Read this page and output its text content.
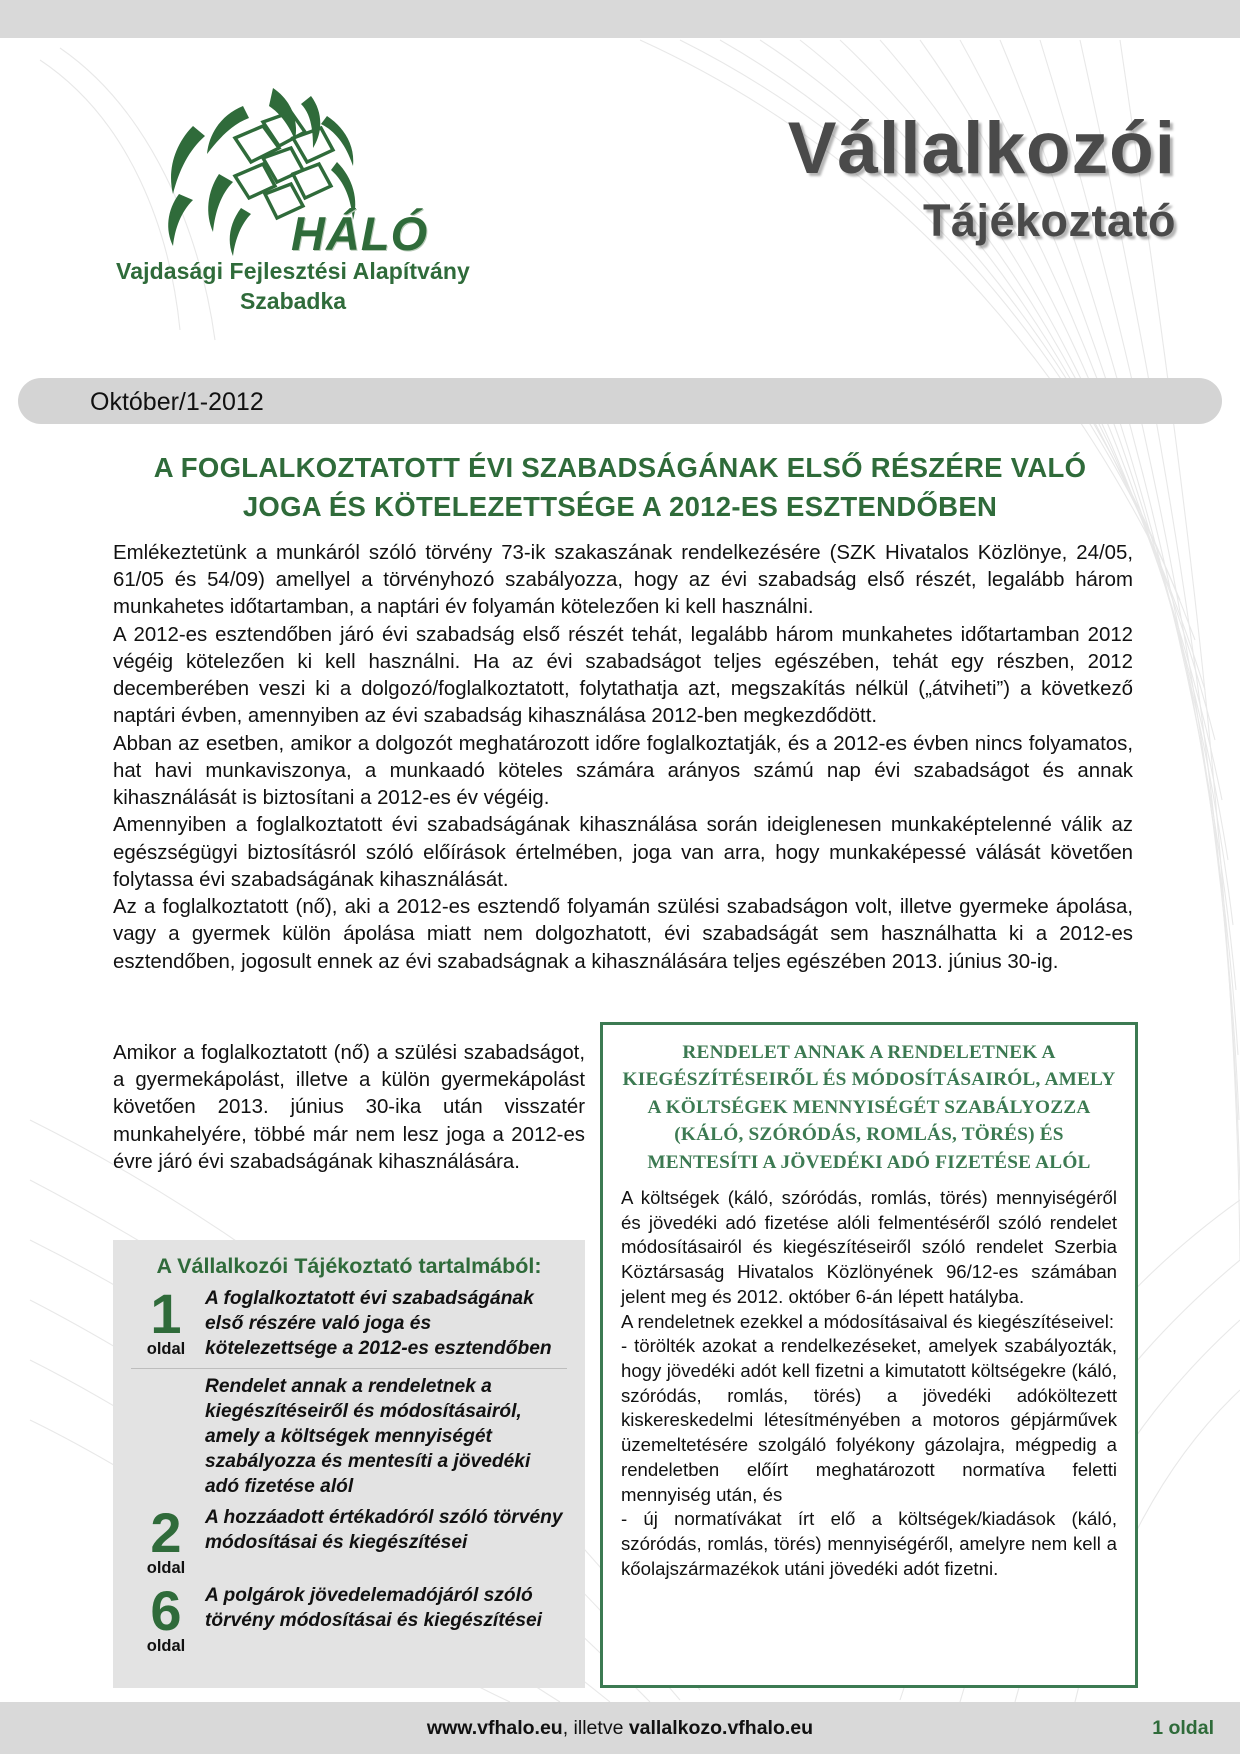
HÁLÓ
Vajdasági Fejlesztési Alapítvány
Szabadka
Vállalkozói
Tájékoztató
Október/1-2012
A FOGLALKOZTATOTT ÉVI SZABADSÁGÁNAK ELSŐ RÉSZÉRE VALÓ
JOGA ÉS KÖTELEZETTSÉGE A 2012-ES ESZTENDŐBEN

Emlékeztetünk a munkáról szóló törvény 73-ik szakaszának rendelkezésére (SZK Hivatalos Közlönye, 24/05, 61/05 és 54/09) amellyel a törvényhozó szabályozza, hogy az évi szabadság első részét, legalább három munkahetes időtartamban, a naptári év folyamán kötelezően ki kell használni.

A 2012-es esztendőben járó évi szabadság első részét tehát, legalább három munkahetes időtartamban 2012 végéig kötelezően ki kell használni. Ha az évi szabadságot teljes egészében, tehát egy részben, 2012 decemberében veszi ki a dolgozó/foglalkoztatott, folytathatja azt, megszakítás nélkül („átviheti”) a következő naptári évben, amennyiben az évi szabadság kihasználása 2012-ben megkezdődött.

Abban az esetben, amikor a dolgozót meghatározott időre foglalkoztatják, és a 2012-es évben nincs folyamatos, hat havi munkaviszonya, a munkaadó köteles számára arányos számú nap évi szabadságot és annak kihasználását is biztosítani a 2012-es év végéig.

Amennyiben a foglalkoztatott évi szabadságának kihasználása során ideiglenesen munkaképtelenné válik az egészségügyi biztosításról szóló előírások értelmében, joga van arra, hogy munkaképessé válását követően folytassa évi szabadságának kihasználását.

Az a foglalkoztatott (nő), aki a 2012-es esztendő folyamán szülési szabadságon volt, illetve gyermeke ápolása, vagy a gyermek külön ápolása miatt nem dolgozhatott, évi szabadságát sem használhatta ki a 2012-es esztendőben, jogosult ennek az évi szabadságnak a kihasználására teljes egészében 2013. június 30-ig.

Amikor a foglalkoztatott (nő) a szülési szabadságot, a gyermekápolást, illetve a külön gyermekápolást követően 2013. június 30-ika után visszatér munkahelyére, többé már nem lesz joga a 2012-es évre járó évi szabadságának kihasználására.

A Vállalkozói Tájékoztató tartalmából:
1
oldal
A foglalkoztatott évi szabadságának első részére való joga és kötelezettsége a 2012-es esztendőben
Rendelet annak a rendeletnek a kiegészítéseiről és módosításairól, amely a költségek mennyiségét szabályozza és mentesíti a jövedéki adó fizetése alól
2
oldal
A hozzáadott értékadóról szóló törvény módosításai és kiegészítései
6
oldal
A polgárok jövedelemadójáról szóló törvény módosításai és kiegészítései
RENDELET ANNAK A RENDELETNEK A KIEGÉSZÍTÉSEIRŐL ÉS MÓDOSÍTÁSAIRÓL, AMELY A KÖLTSÉGEK MENNYISÉGÉT SZABÁLYOZZA (KÁLÓ, SZÓRÓDÁS, ROMLÁS, TÖRÉS) ÉS MENTESÍTI A JÖVEDÉKI ADÓ FIZETÉSE ALÓL

A költségek (káló, szóródás, romlás, törés) mennyiségéről és jövedéki adó fizetése alóli felmentéséről szóló rendelet módosításairól és kiegészítéseiről szóló rendelet Szerbia Köztársaság Hivatalos Közlönyének 96/12-es számában jelent meg és 2012. október 6-án lépett hatályba.

A rendeletnek ezekkel a módosításaival és kiegészítéseivel:

- törölték azokat a rendelkezéseket, amelyek szabályozták, hogy jövedéki adót kell fizetni a kimutatott költségekre (káló, szóródás, romlás, törés) a jövedéki adóköltezett kiskereskedelmi létesítményében a motoros gépjárművek üzemeltetésére szolgáló folyékony gázolajra, mégpedig a rendeletben előírt meghatározott normatíva feletti mennyiség után, és

- új normatívákat írt elő a költségek/kiadások (káló, szóródás, romlás, törés) mennyiségéről, amelyre nem kell a kőolajszármazékok utáni jövedéki adót fizetni.

www.vfhalo.eu, illetve vallalkozo.vfhalo.eu	1 oldal
